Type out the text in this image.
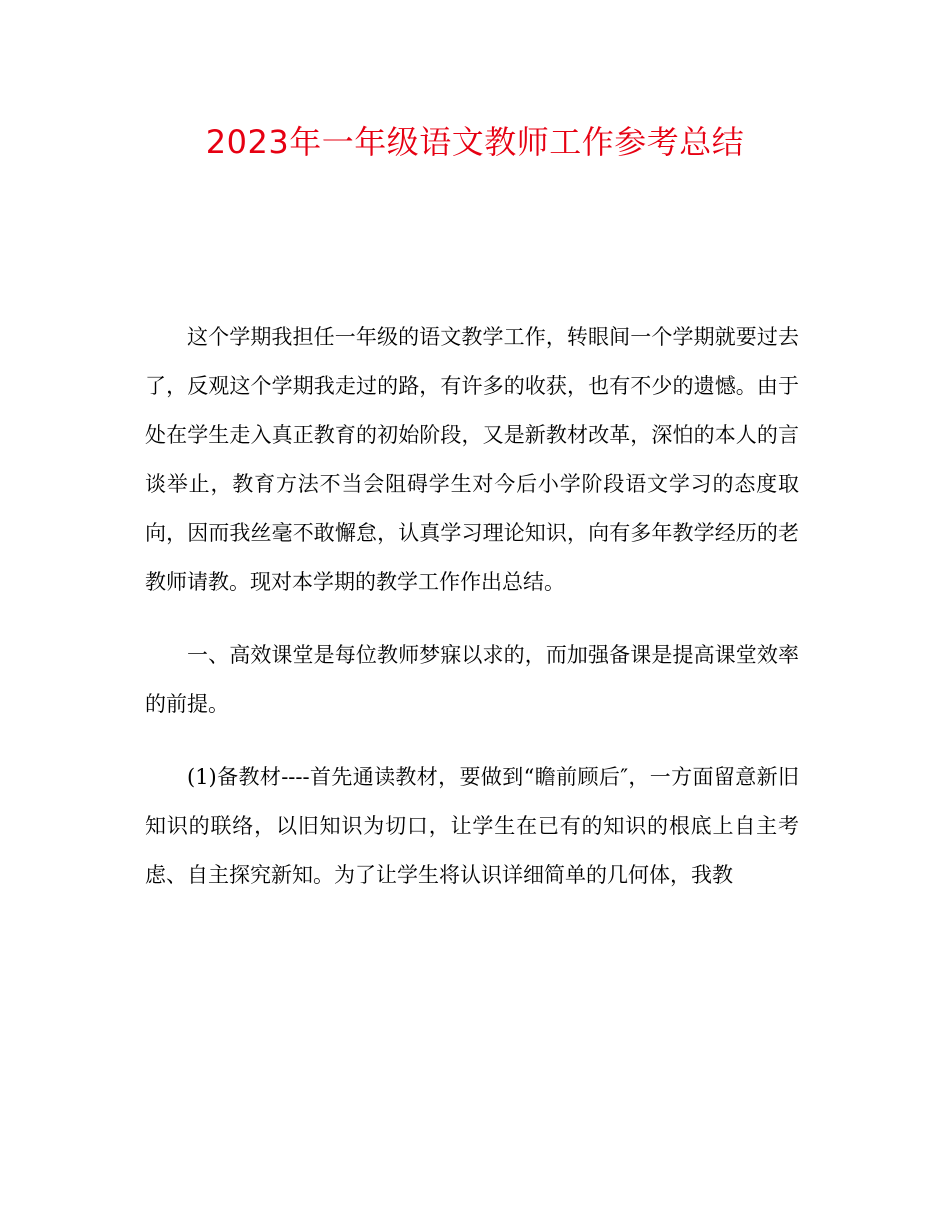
2023年一年级语文教师工作参考总结

这个学期我担任一年级的语文教学工作，转眼间一个学期就要过去了，反观这个学期我走过的路，有许多的收获，也有不少的遗憾。由于处在学生走入真正教育的初始阶段，又是新教材改革，深怕的本人的言谈举止，教育方法不当会阻碍学生对今后小学阶段语文学习的态度取向，因而我丝毫不敢懈怠，认真学习理论知识，向有多年教学经历的老教师请教。现对本学期的教学工作作出总结。

一、高效课堂是每位教师梦寐以求的，而加强备课是提高课堂效率的前提。

(1)备教材----首先通读教材，要做到“瞻前顾后″，一方面留意新旧知识的联络，以旧知识为切口，让学生在已有的知识的根底上自主考虑、自主探究新知。为了让学生将认识详细简单的几何体，我教
